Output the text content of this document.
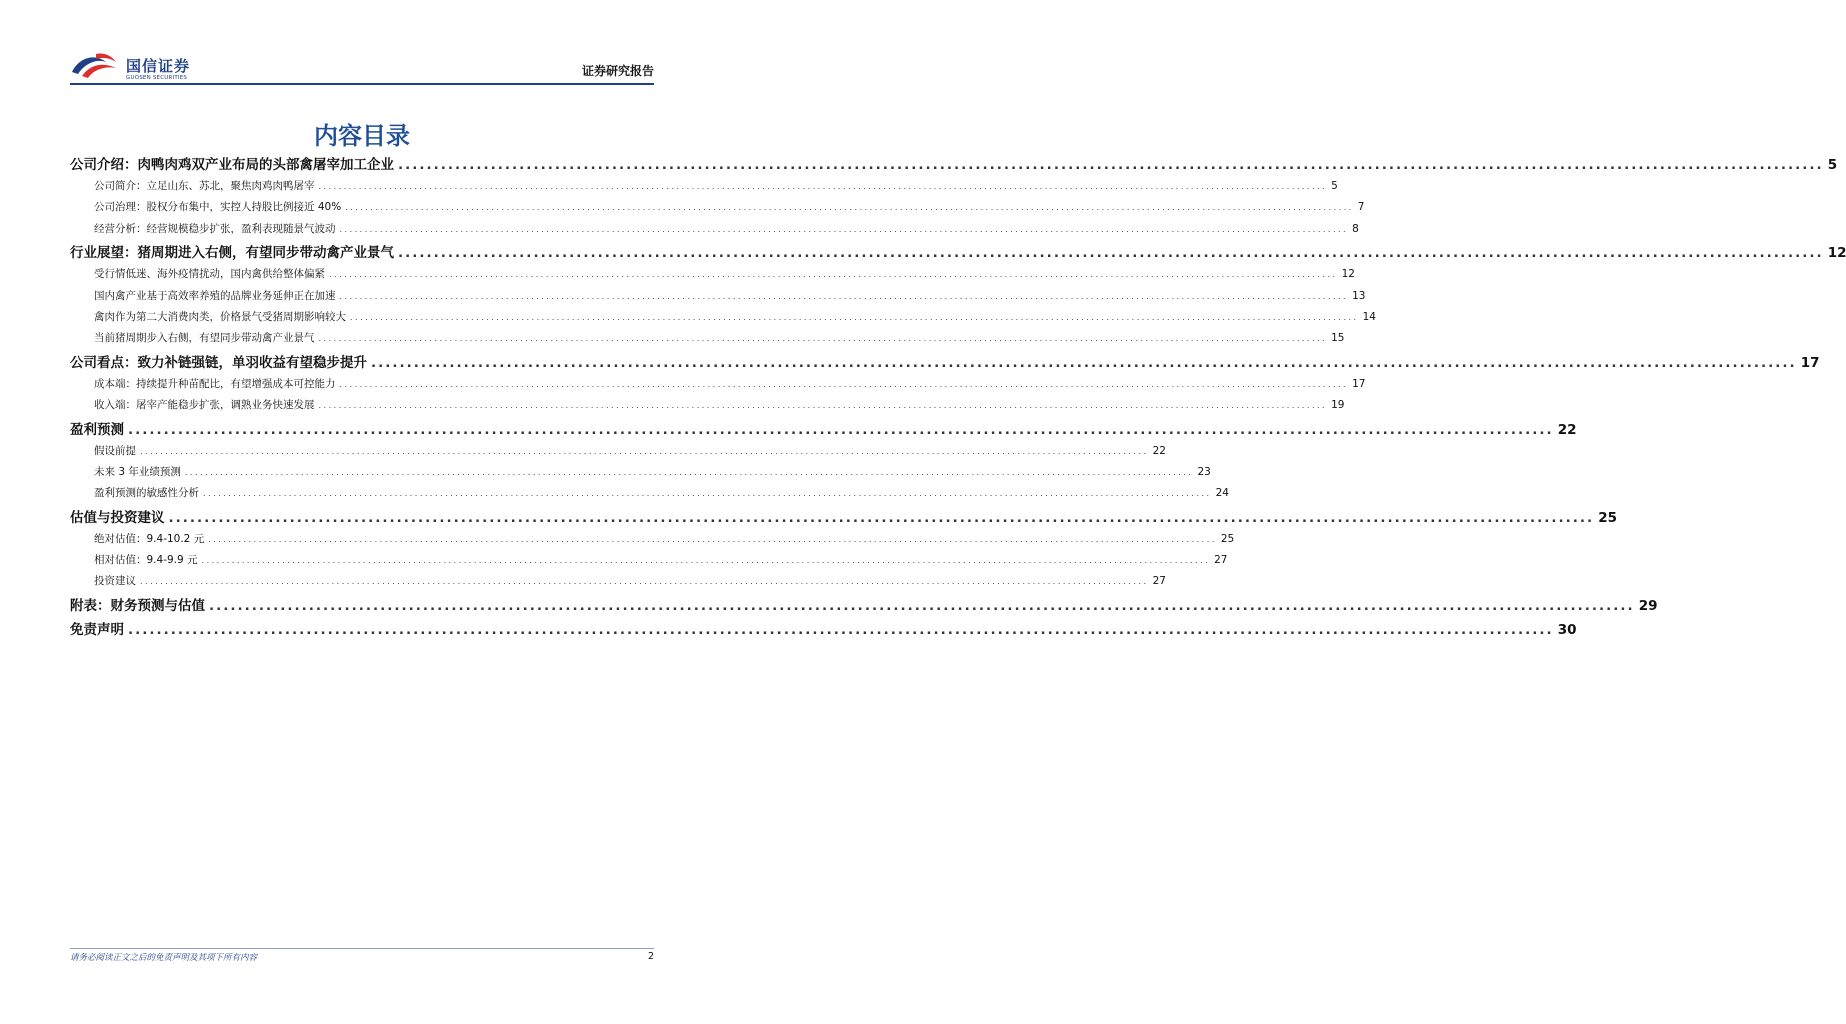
国信证券
GUOSEN SECURITIES	证券研究报告
内容目录
公司介绍：肉鸭肉鸡双产业布局的头部禽屠宰加工企业 ........................................................................................................................................................................................................ 5
公司简介：立足山东、苏北，聚焦肉鸡肉鸭屠宰 ........................................................................................................................................................................................................ 5
公司治理：股权分布集中，实控人持股比例接近 40% ........................................................................................................................................................................................................ 7
经营分析：经营规模稳步扩张，盈利表现随景气波动 ........................................................................................................................................................................................................ 8
行业展望：猪周期进入右侧，有望同步带动禽产业景气 ........................................................................................................................................................................................................ 12
受行情低迷、海外疫情扰动，国内禽供给整体偏紧 ........................................................................................................................................................................................................ 12
国内禽产业基于高效率养殖的品牌业务延伸正在加速 ........................................................................................................................................................................................................ 13
禽肉作为第二大消费肉类，价格景气受猪周期影响较大 ........................................................................................................................................................................................................ 14
当前猪周期步入右侧，有望同步带动禽产业景气 ........................................................................................................................................................................................................ 15
公司看点：致力补链强链，单羽收益有望稳步提升 ........................................................................................................................................................................................................ 17
成本端：持续提升种苗配比，有望增强成本可控能力 ........................................................................................................................................................................................................ 17
收入端：屠宰产能稳步扩张，调熟业务快速发展 ........................................................................................................................................................................................................ 19
盈利预测 ........................................................................................................................................................................................................ 22
假设前提 ........................................................................................................................................................................................................ 22
未来 3 年业绩预测 ........................................................................................................................................................................................................ 23
盈利预测的敏感性分析 ........................................................................................................................................................................................................ 24
估值与投资建议 ........................................................................................................................................................................................................ 25
绝对估值：9.4-10.2 元 ........................................................................................................................................................................................................ 25
相对估值：9.4-9.9 元 ........................................................................................................................................................................................................ 27
投资建议 ........................................................................................................................................................................................................ 27
附表：财务预测与估值 ........................................................................................................................................................................................................ 29
免责声明 ........................................................................................................................................................................................................ 30
请务必阅读正文之后的免责声明及其项下所有内容	2
